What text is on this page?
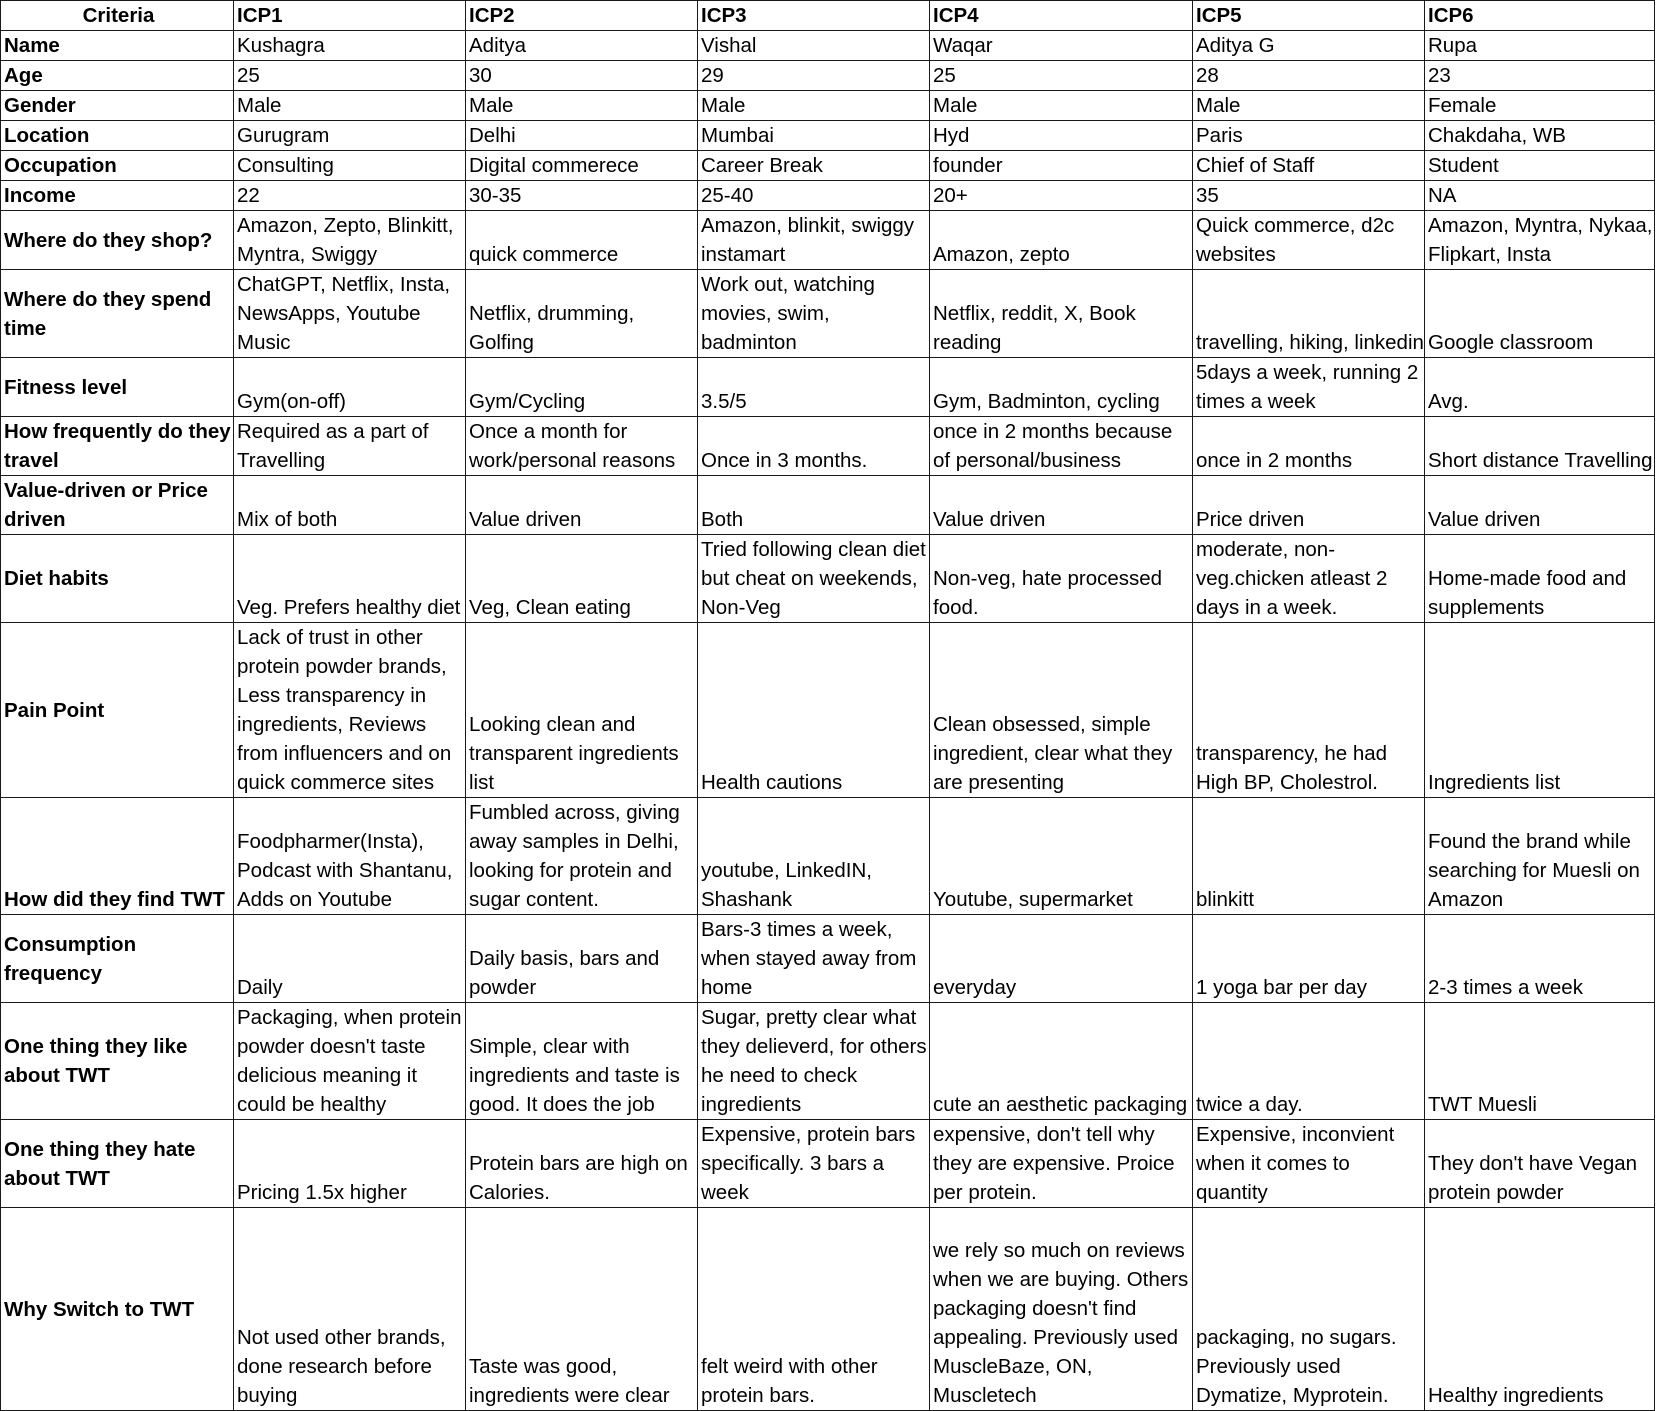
Criteria	ICP1	ICP2	ICP3	ICP4	ICP5	ICP6
Name	Kushagra	Aditya	Vishal	Waqar	Aditya G	Rupa
Age	25	30	29	25	28	23
Gender	Male	Male	Male	Male	Male	Female
Location	Gurugram	Delhi	Mumbai	Hyd	Paris	Chakdaha, WB
Occupation	Consulting	Digital commerece	Career Break	founder	Chief of Staff	Student
Income	22	30-35	25-40	20+	35	NA
Where do they shop?	Amazon, Zepto, Blinkitt, Myntra, Swiggy	quick commerce	Amazon, blinkit, swiggy instamart	Amazon, zepto	Quick commerce, d2c websites	Amazon, Myntra, Nykaa, Flipkart, Insta
Where do they spend time	ChatGPT, Netflix, Insta, NewsApps, Youtube Music	Netflix, drumming, Golfing	Work out, watching movies, swim, badminton	Netflix, reddit, X, Book reading	travelling, hiking, linkedin	Google classroom
Fitness level	Gym(on-off)	Gym/Cycling	3.5/5	Gym, Badminton, cycling	5days a week, running 2 times a week	Avg.
How frequently do they travel	Required as a part of Travelling	Once a month for work/personal reasons	Once in 3 months.	once in 2 months because of personal/business	once in 2 months	Short distance Travelling
Value-driven or Price driven	Mix of both	Value driven	Both	Value driven	Price driven	Value driven
Diet habits	Veg. Prefers healthy diet	Veg, Clean eating	Tried following clean diet but cheat on weekends, Non-Veg	Non-veg, hate processed food.	moderate, non-veg.chicken atleast 2 days in a week.	Home-made food and supplements
Pain Point	Lack of trust in other protein powder brands, Less transparency in ingredients, Reviews from influencers and on quick commerce sites	Looking clean and transparent ingredients list	Health cautions	Clean obsessed, simple ingredient, clear what they are presenting	transparency, he had High BP, Cholestrol.	Ingredients list
How did they find TWT	Foodpharmer(Insta), Podcast with Shantanu, Adds on Youtube	Fumbled across, giving away samples in Delhi, looking for protein and sugar content.	youtube, LinkedIN, Shashank	Youtube, supermarket	blinkitt	Found the brand while searching for Muesli on Amazon
Consumption frequency	Daily	Daily basis, bars and powder	Bars-3 times a week, when stayed away from home	everyday	1 yoga bar per day	2-3 times a week
One thing they like about TWT	Packaging, when protein powder doesn't taste delicious meaning it could be healthy	Simple, clear with ingredients and taste is good. It does the job	Sugar, pretty clear what they delieverd, for others he need to check ingredients	cute an aesthetic packaging	twice a day.	TWT Muesli
One thing they hate about TWT	Pricing 1.5x higher	Protein bars are high on Calories.	Expensive, protein bars specifically. 3 bars a week	expensive, don't tell why they are expensive. Proice per protein.	Expensive, inconvient when it comes to quantity	They don't have Vegan protein powder
Why Switch to TWT	Not used other brands, done research before buying	Taste was good, ingredients were clear	felt weird with other protein bars.	we rely so much on reviews when we are buying. Others packaging doesn't find appealing. Previously used MuscleBaze, ON, Muscletech	packaging, no sugars. Previously used Dymatize, Myprotein.	Healthy ingredients
